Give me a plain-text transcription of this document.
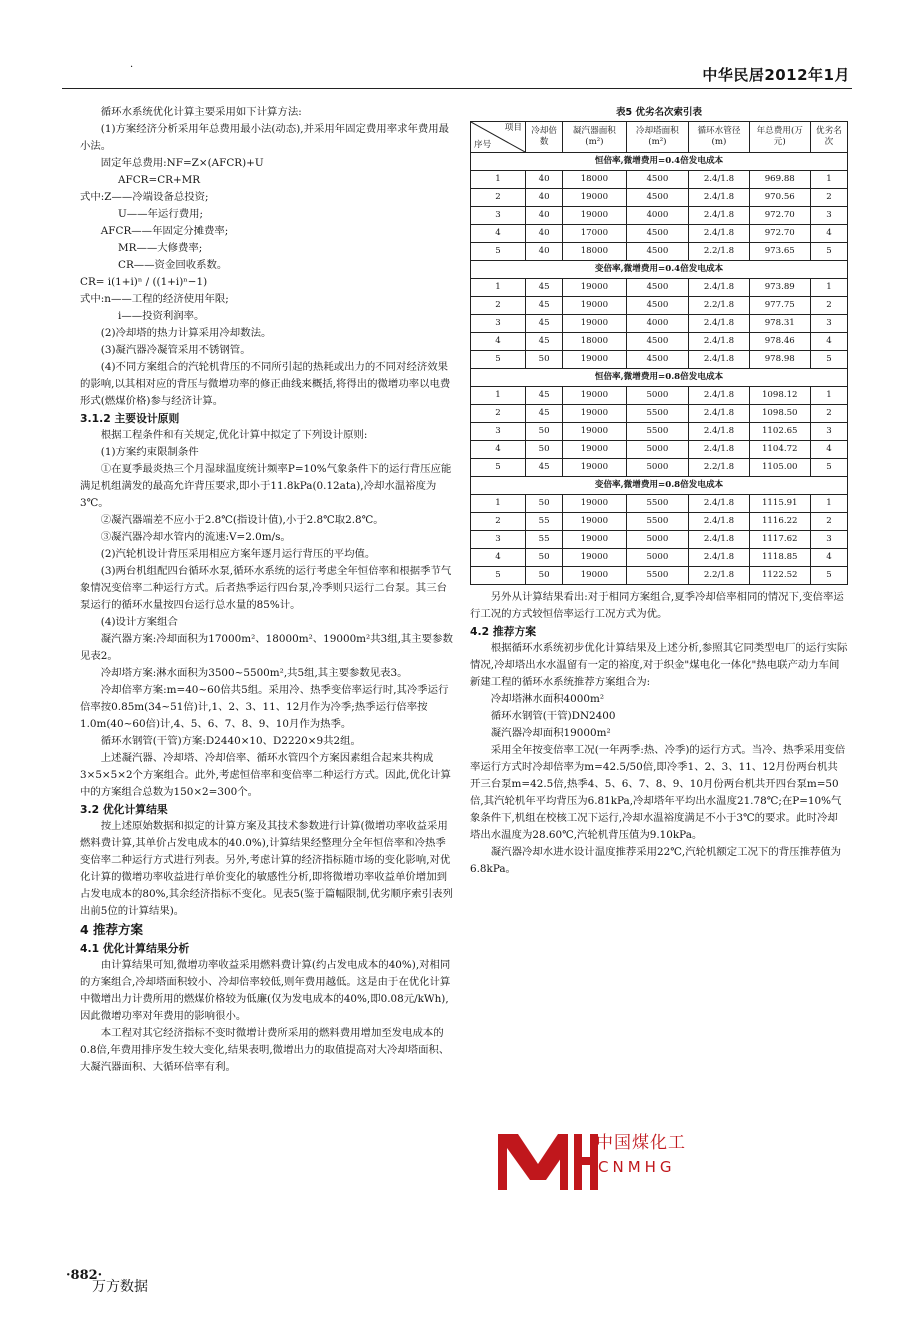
中华民居2012年1月
·

循环水系统优化计算主要采用如下计算方法:

(1)方案经济分析采用年总费用最小法(动态),并采用年固定费用率求年费用最小法。

固定年总费用:NF=Z×(AFCR)+U

AFCR=CR+MR

式中:Z——冷端设备总投资;

U——年运行费用;

AFCR——年固定分摊费率;

MR——大修费率;

CR——资金回收系数。

CR= i(1+i)ⁿ / ((1+i)ⁿ−1)

式中:n——工程的经济使用年限;

i——投资利润率。

(2)冷却塔的热力计算采用冷却数法。

(3)凝汽器冷凝管采用不锈钢管。

(4)不同方案组合的汽轮机背压的不同所引起的热耗或出力的不同对经济效果的影响,以其相对应的背压与微增功率的修正曲线来概括,将得出的微增功率以电费形式(燃煤价格)参与经济计算。

3.1.2 主要设计原则

根据工程条件和有关规定,优化计算中拟定了下列设计原则:

(1)方案约束限制条件

①在夏季最炎热三个月湿球温度统计频率P=10%气象条件下的运行背压应能满足机组满发的最高允许背压要求,即小于11.8kPa(0.12ata),冷却水温裕度为3℃。

②凝汽器端差不应小于2.8℃(指设计值),小于2.8℃取2.8℃。

③凝汽器冷却水管内的流速:V=2.0m/s。

(2)汽轮机设计背压采用相应方案年逐月运行背压的平均值。

(3)两台机组配四台循环水泵,循环水系统的运行考虑全年恒倍率和根据季节气象情况变倍率二种运行方式。后者热季运行四台泵,冷季则只运行二台泵。其三台泵运行的循环水量按四台运行总水量的85%计。

(4)设计方案组合

凝汽器方案:冷却面积为17000m²、18000m²、19000m²共3组,其主要参数见表2。

冷却塔方案:淋水面积为3500~5500m²,共5组,其主要参数见表3。

冷却倍率方案:m=40~60倍共5组。采用冷、热季变倍率运行时,其冷季运行倍率按0.85m(34~51倍)计,1、2、3、11、12月作为冷季;热季运行倍率按1.0m(40~60倍)计,4、5、6、7、8、9、10月作为热季。

循环水钢管(干管)方案:D2440×10、D2220×9共2组。

上述凝汽器、冷却塔、冷却倍率、循环水管四个方案因素组合起来共构成3×5×5×2个方案组合。此外,考虑恒倍率和变倍率二种运行方式。因此,优化计算中的方案组合总数为150×2=300个。

3.2 优化计算结果

按上述原始数据和拟定的计算方案及其技术参数进行计算(微增功率收益采用燃料费计算,其单价占发电成本的40.0%),计算结果经整理分全年恒倍率和冷热季变倍率二种运行方式进行列表。另外,考虑计算的经济指标随市场的变化影响,对优化计算的微增功率收益进行单价变化的敏感性分析,即将微增功率收益单价增加到占发电成本的80%,其余经济指标不变化。见表5(鉴于篇幅限制,优劣顺序索引表列出前5位的计算结果)。

4 推荐方案

4.1 优化计算结果分析

由计算结果可知,微增功率收益采用燃料费计算(约占发电成本的40%),对相同的方案组合,冷却塔面积较小、冷却倍率较低,则年费用越低。这是由于在优化计算中微增出力计费所用的燃煤价格较为低廉(仅为发电成本的40%,即0.08元/kWh),因此微增功率对年费用的影响很小。

本工程对其它经济指标不变时微增计费所采用的燃料费用增加至发电成本的0.8倍,年费用排序发生较大变化,结果表明,微增出力的取值提高对大冷却塔面积、大凝汽器面积、大循环倍率有利。

表5 优劣名次索引表
项目
序号	冷却倍数	凝汽器面积(m²)	冷却塔面积(m²)	循环水管径(m)	年总费用(万元)	优劣名次
恒倍率,微增费用=0.4倍发电成本						
1	40	18000	4500	2.4/1.8	969.88	1
2	40	19000	4500	2.4/1.8	970.56	2
3	40	19000	4000	2.4/1.8	972.70	3
4	40	17000	4500	2.4/1.8	972.70	4
5	40	18000	4500	2.2/1.8	973.65	5
变倍率,微增费用=0.4倍发电成本						
1	45	19000	4500	2.4/1.8	973.89	1
2	45	19000	4500	2.2/1.8	977.75	2
3	45	19000	4000	2.4/1.8	978.31	3
4	45	18000	4500	2.4/1.8	978.46	4
5	50	19000	4500	2.4/1.8	978.98	5
恒倍率,微增费用=0.8倍发电成本						
1	45	19000	5000	2.4/1.8	1098.12	1
2	45	19000	5500	2.4/1.8	1098.50	2
3	50	19000	5500	2.4/1.8	1102.65	3
4	50	19000	5000	2.4/1.8	1104.72	4
5	45	19000	5000	2.2/1.8	1105.00	5
变倍率,微增费用=0.8倍发电成本						
1	50	19000	5500	2.4/1.8	1115.91	1
2	55	19000	5500	2.4/1.8	1116.22	2
3	55	19000	5000	2.4/1.8	1117.62	3
4	50	19000	5000	2.4/1.8	1118.85	4
5	50	19000	5500	2.2/1.8	1122.52	5

另外从计算结果看出:对于相同方案组合,夏季冷却倍率相同的情况下,变倍率运行工况的方式较恒倍率运行工况方式为优。

4.2 推荐方案

根据循环水系统初步优化计算结果及上述分析,参照其它同类型电厂的运行实际情况,冷却塔出水水温留有一定的裕度,对于织金"煤电化一体化"热电联产动力车间新建工程的循环水系统推荐方案组合为:

冷却塔淋水面积4000m²

循环水钢管(干管)DN2400

凝汽器冷却面积19000m²

采用全年按变倍率工况(一年两季:热、冷季)的运行方式。当冷、热季采用变倍率运行方式时冷却倍率为m=42.5/50倍,即冷季1、2、3、11、12月份两台机共开三台泵m=42.5倍,热季4、5、6、7、8、9、10月份两台机共开四台泵m=50倍,其汽轮机年平均背压为6.81kPa,冷却塔年平均出水温度21.78℃;在P=10%气象条件下,机组在校核工况下运行,冷却水温裕度满足不小于3℃的要求。此时冷却塔出水温度为28.60℃,汽轮机背压值为9.10kPa。

凝汽器冷却水进水设计温度推荐采用22℃,汽轮机额定工况下的背压推荐值为6.8kPa。

中国煤化工
CNMHG
·882·
万方数据
